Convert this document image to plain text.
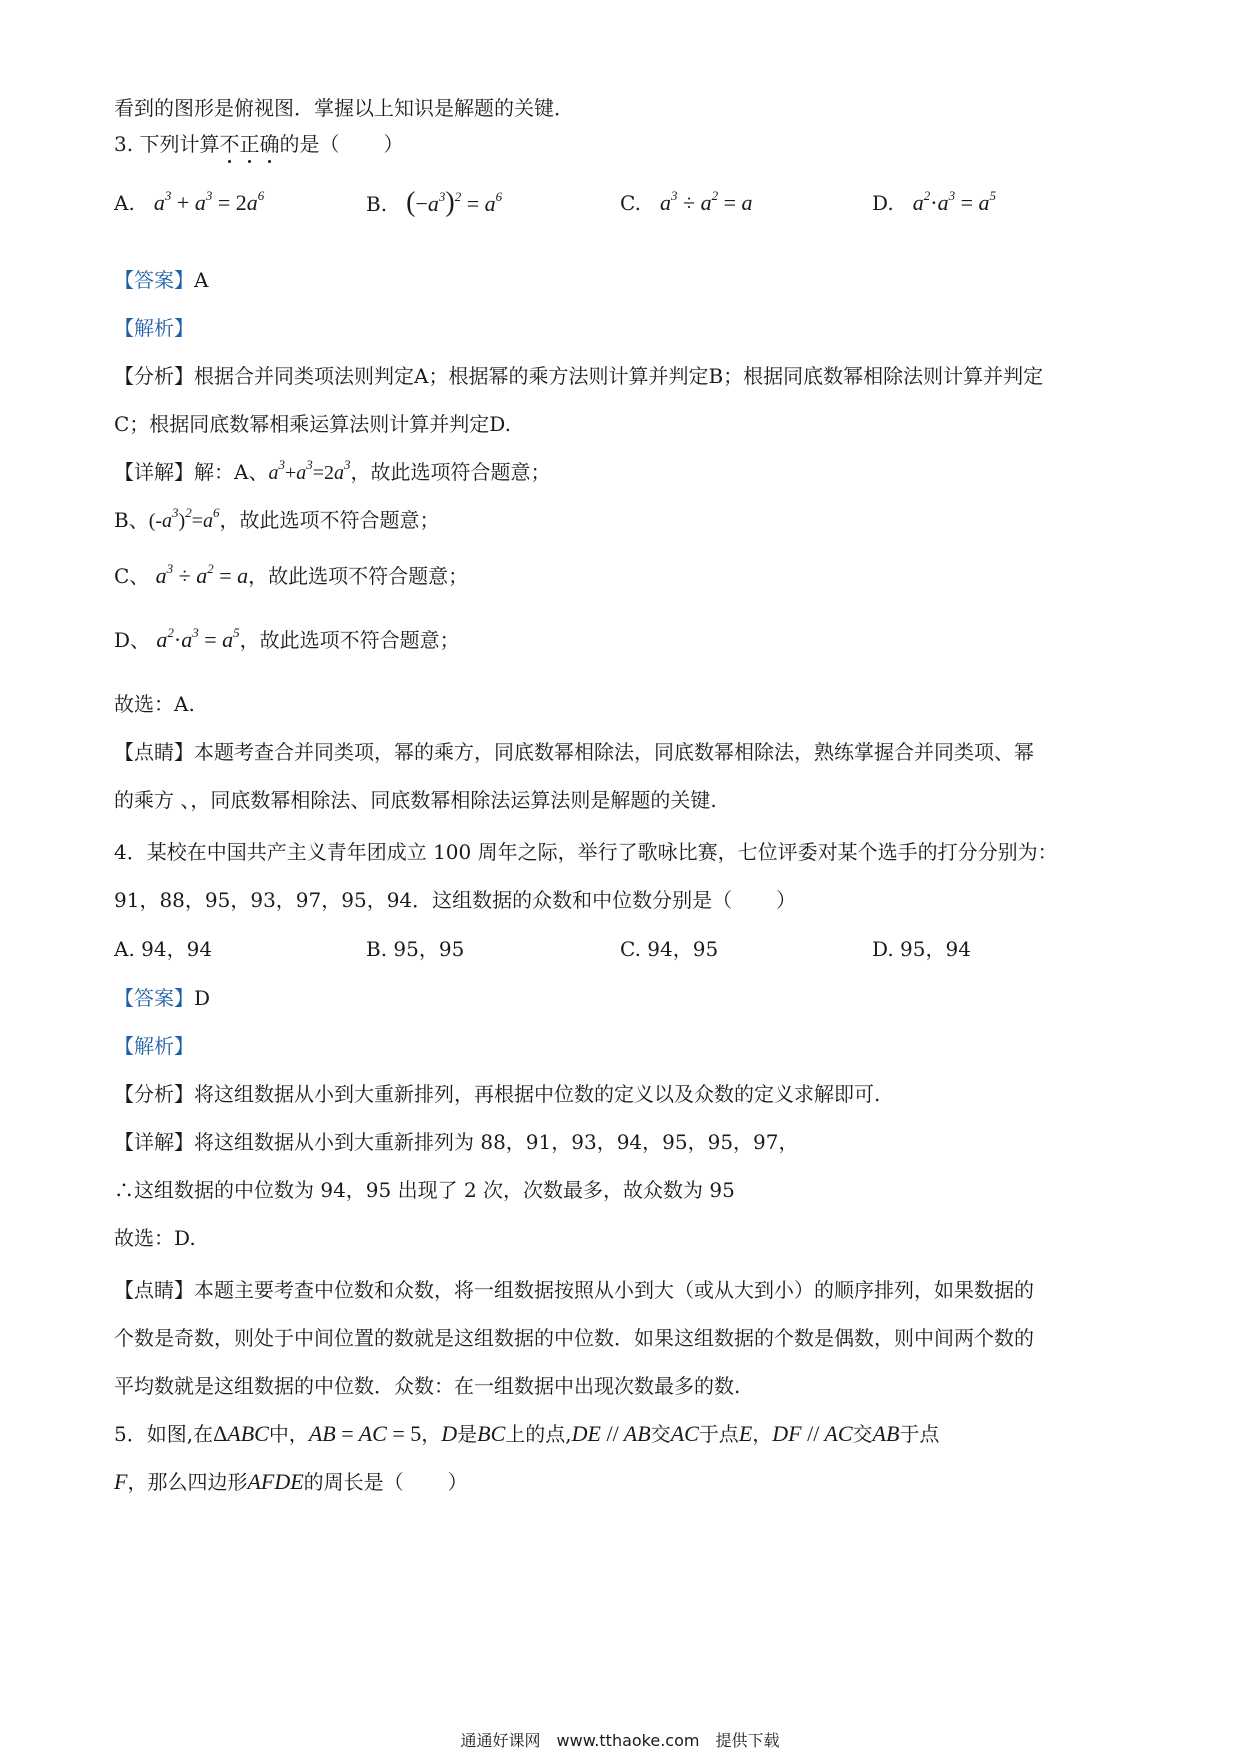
看到的图形是俯视图．掌握以上知识是解题的关键．
3. 下列计算不正确的是（ ）
A. $a^3 + a^3 = 2a^6$	B. $(-a^3)^2 = a^6$	C. $a^3 \div a^2 = a$	D. $a^2\cdot a^3 = a^5$
【答案】A
【解析】
【分析】根据合并同类项法则判定A；根据幂的乘方法则计算并判定B；根据同底数幂相除法则计算并判定
C；根据同底数幂相乘运算法则计算并判定D.
【详解】解：A、$a^3+a^3=2a^3$，故此选项符合题意；
B、$(-a^3)^2=a^6$，故此选项不符合题意；
C、 $a^3 \div a^2 = a$，故此选项不符合题意；
D、 $a^2\cdot a^3 = a^5$，故此选项不符合题意；
故选：A.
【点睛】本题考查合并同类项，幂的乘方，同底数幂相除法，同底数幂相除法，熟练掌握合并同类项、幂
的乘方 、，同底数幂相除法、同底数幂相除法运算法则是解题的关键.
4．某校在中国共产主义青年团成立 100 周年之际，举行了歌咏比赛，七位评委对某个选手的打分分别为：
91，88，95，93，97，95，94．这组数据的众数和中位数分别是（ ）
A. 94，94	B. 95，95	C. 94，95	D. 95，94
【答案】D
【解析】
【分析】将这组数据从小到大重新排列，再根据中位数的定义以及众数的定义求解即可.
【详解】将这组数据从小到大重新排列为 88，91，93，94，95，95，97，
∴这组数据的中位数为 94，95 出现了 2 次，次数最多，故众数为 95
故选：D.
【点睛】本题主要考查中位数和众数，将一组数据按照从小到大（或从大到小）的顺序排列，如果数据的
个数是奇数，则处于中间位置的数就是这组数据的中位数．如果这组数据的个数是偶数，则中间两个数的
平均数就是这组数据的中位数．众数：在一组数据中出现次数最多的数.
5．如图,在ΔABC中，AB = AC = 5，D是BC上的点,DE // AB交AC于点E，DF // AC交AB于点
F，那么四边形AFDE的周长是（ ）
通通好课网　www.tthaoke.com　提供下载
